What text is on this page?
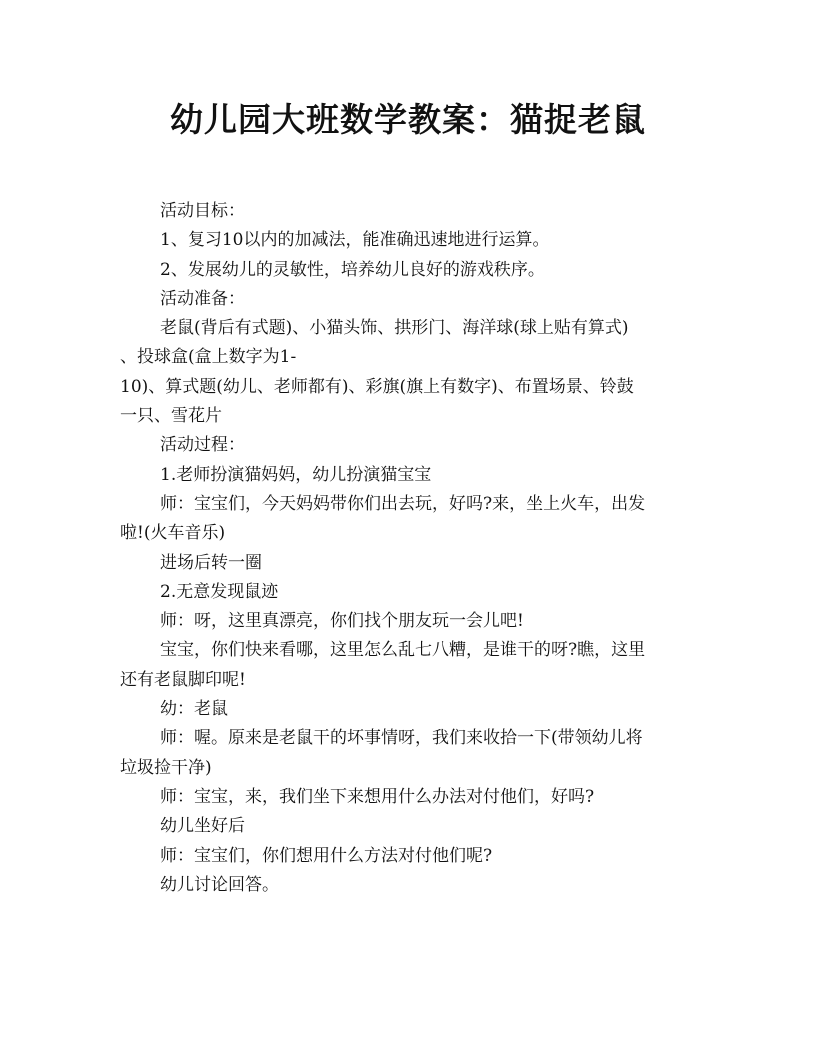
幼儿园大班数学教案：猫捉老鼠

活动目标：

1、复习10以内的加减法，能准确迅速地进行运算。

2、发展幼儿的灵敏性，培养幼儿良好的游戏秩序。

活动准备：

老鼠(背后有式题)、小猫头饰、拱形门、海洋球(球上贴有算式)

、投球盒(盒上数字为1-

10)、算式题(幼儿、老师都有)、彩旗(旗上有数字)、布置场景、铃鼓

一只、雪花片

活动过程：

1.老师扮演猫妈妈，幼儿扮演猫宝宝

师：宝宝们，今天妈妈带你们出去玩，好吗?来，坐上火车，出发

啦!(火车音乐)

进场后转一圈

2.无意发现鼠迹

师：呀，这里真漂亮，你们找个朋友玩一会儿吧!

宝宝，你们快来看哪，这里怎么乱七八糟，是谁干的呀?瞧，这里

还有老鼠脚印呢!

幼：老鼠

师：喔。原来是老鼠干的坏事情呀，我们来收拾一下(带领幼儿将

垃圾捡干净)

师：宝宝，来，我们坐下来想用什么办法对付他们，好吗?

幼儿坐好后

师：宝宝们，你们想用什么方法对付他们呢?

幼儿讨论回答。
